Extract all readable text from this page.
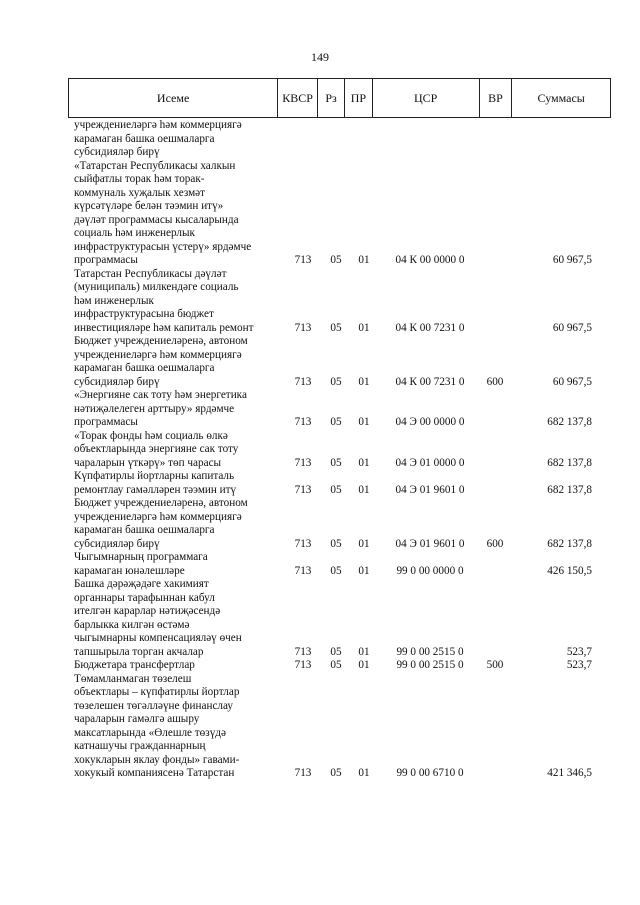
149
Исеме	КВСР	Рз	ПР	ЦСР	ВР	Суммасы
учреждениеләргә һәм коммерциягә
карамаган башка оешмаларга
субсидияләр бирү
«Татарстан Республикасы халкын
сыйфатлы торак һәм торак-
коммуналь хуҗалык хезмәт
күрсәтүләре белән тәэмин итү»
дәүләт программасы кысаларында
социаль һәм инженерлык
инфраструктурасын үстерү» ярдәмче
программасы	713	05	01	04 К 00 0000 0	60 967,5
Татарстан Республикасы дәүләт
(муниципаль) милкендәге социаль
һәм инженерлык
инфраструктурасына бюджет
инвестицияләре һәм капиталь ремонт	713	05	01	04 К 00 7231 0	60 967,5
Бюджет учреждениеләренә, автоном
учреждениеләргә һәм коммерциягә
карамаган башка оешмаларга
субсидияләр бирү	713	05	01	04 К 00 7231 0	600	60 967,5
«Энергияне сак тоту һәм энергетика
нәтиҗәлелеген арттыру» ярдәмче
программасы	713	05	01	04 Э 00 0000 0	682 137,8
«Торак фонды һәм социаль өлкә
объектларында энергияне сак тоту
чараларын үткәрү» төп чарасы	713	05	01	04 Э 01 0000 0	682 137,8
Күпфатирлы йортларны капиталь
ремонтлау гамәлләрен тәэмин итү	713	05	01	04 Э 01 9601 0	682 137,8
Бюджет учреждениеләренә, автоном
учреждениеләргә һәм коммерциягә
карамаган башка оешмаларга
субсидияләр бирү	713	05	01	04 Э 01 9601 0	600	682 137,8
Чыгымнарның программага
карамаган юнәлешләре	713	05	01	99 0 00 0000 0	426 150,5
Башка дәрәҗәдәге хакимият
органнары тарафыннан кабул
ителгән карарлар нәтиҗәсендә
барлыкка килгән өстәмә
чыгымнарны компенсацияләү өчен
тапшырыла торган акчалар	713	05	01	99 0 00 2515 0	523,7
Бюджетара трансфертлар	713	05	01	99 0 00 2515 0	500	523,7
Төмамланмаган төзелеш
объектлары – күпфатирлы йортлар
төзелешен төгәлләүне финанслау
чараларын гамәлгә ашыру
максатларында «Өлешле төзүдә
катнашучы гражданнарның
хокукларын яклау фонды» гавами-
хокукый компаниясенә Татарстан	713	05	01	99 0 00 6710 0	421 346,5
